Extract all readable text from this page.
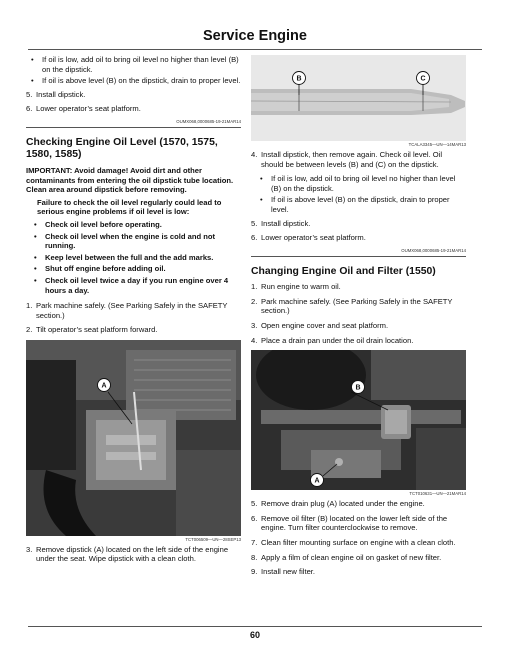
Service Engine
• If oil is low, add oil to bring oil level no higher than level (B) on the dipstick.
• If oil is above level (B) on the dipstick, drain to proper level.
5. Install dipstick.
6. Lower operator’s seat platform.
OUMX068,0000685-19-21MAR14
Checking Engine Oil Level (1570, 1575, 1580, 1585)
IMPORTANT: Avoid damage! Avoid dirt and other contaminants from entering the oil dipstick tube location. Clean area around dipstick before removing.
Failure to check the oil level regularly could lead to serious engine problems if oil level is low:
• Check oil level before operating.
• Check oil level when the engine is cold and not running.
• Keep level between the full and the add marks.
• Shut off engine before adding oil.
• Check oil level twice a day if you run engine over 4 hours a day.
1. Park machine safely. (See Parking Safely in the SAFETY section.)
2. Tilt operator’s seat platform forward.
A
TCT006509—UN—28SEP13
3. Remove dipstick (A) located on the left side of the engine under the seat. Wipe dipstick with a clean cloth.
B	C
TCALA3345—UN—14MAR13
4. Install dipstick, then remove again. Check oil level. Oil should be between levels (B) and (C) on the dipstick.
• If oil is low, add oil to bring oil level no higher than level (B) on the dipstick.
• If oil is above level (B) on the dipstick, drain to proper level.
5. Install dipstick.
6. Lower operator’s seat platform.
OUMX068,0000685-19-21MAR14
Changing Engine Oil and Filter (1550)
1. Run engine to warm oil.
2. Park machine safely. (See Parking Safely in the SAFETY section.)
3. Open engine cover and seat platform.
4. Place a drain pan under the oil drain location.
B
A
TCT010631—UN—21MAR14
5. Remove drain plug (A) located under the engine.
6. Remove oil filter (B) located on the lower left side of the engine. Turn filter counterclockwise to remove.
7. Clean filter mounting surface on engine with a clean cloth.
8. Apply a film of clean engine oil on gasket of new filter.
9. Install new filter.
60
